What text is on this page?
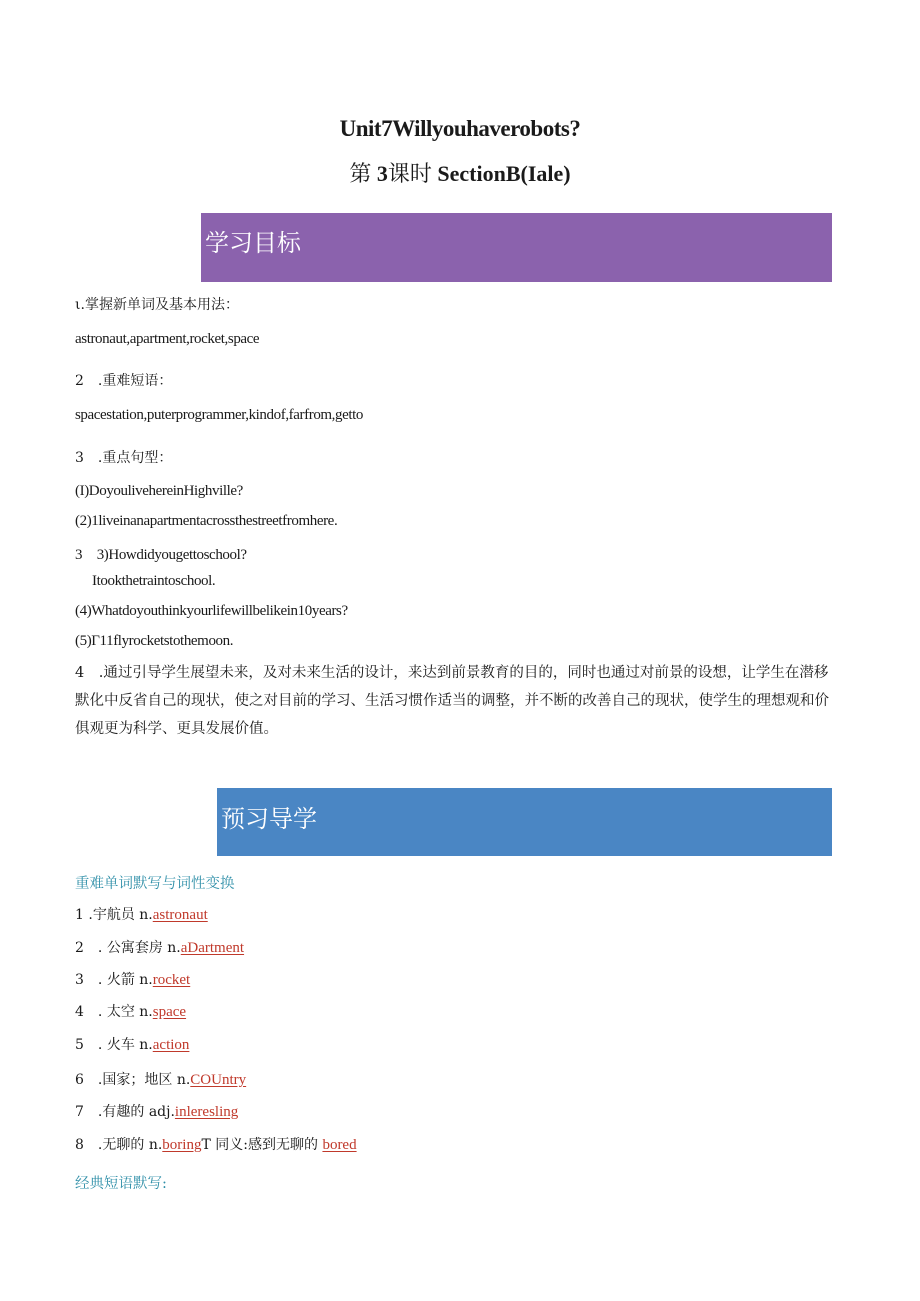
Unit7Willyouhaverobots?
第 3课时 SectionB(Iale)
学习目标
ι.掌握新单词及基本用法：
astronaut,apartment,rocket,space
2　 .重难短语：
spacestation,puterprogrammer,kindof,farfrom,getto
3　 .重点句型：
(I)DoyoulivehereinHighville?
(2)1liveinanapartmentacrossthestreetfromhere.
3　3)Howdidyougettoschool?
Itookthetraintoschool.
(4)Whatdoyouthinkyourlifewillbelikein10years?
(5)Γ11flyrocketstothemoon.
4　 .通过引导学生展望未来，及对未来生活的设计，来达到前景教育的目的，同时也通过对前景的设想，让学生在潜移默化中反省自己的现状，使之对目前的学习、生活习惯作适当的调整，并不断的改善自己的现状，使学生的理想观和价俱观更为科学、更具发展价值。
预习导学
重难单词默写与词性变换
1 .宇航员 n.astronaut
2　 . 公寓套房 n.aDartment
3　 . 火箭 n.rocket
4　 . 太空 n.space
5　 . 火车 n.action
6　 .国家；地区 n.COUntry
7　 .有趣的 adj.inleresling
8　 .无聊的 n.boringT 同义:感到无聊的 bored
经典短语默写:
